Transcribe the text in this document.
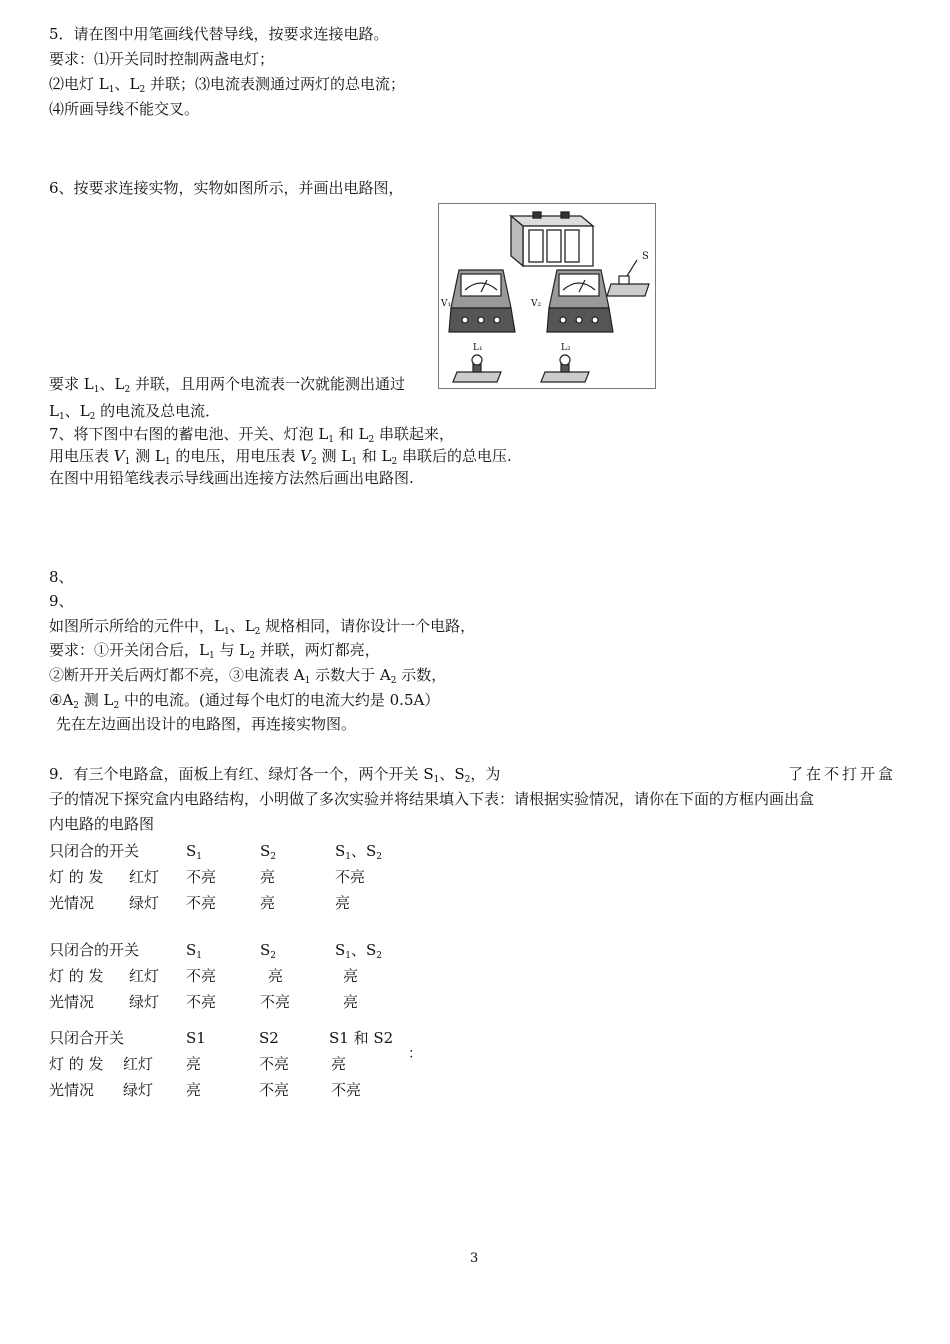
5．请在图中用笔画线代替导线，按要求连接电路。
要求：⑴开关同时控制两盏电灯；
⑵电灯 $L_1$、$L_2$ 并联；⑶电流表测通过两灯的总电流；
⑷所画导线不能交叉。
6、按要求连接实物，实物如图所示，并画出电路图，
S
V₁	V₂
L₁	L₂
要求 $L_1$、$L_2$ 并联，且用两个电流表一次就能测出通过
$L_1$、$L_2$ 的电流及总电流．
7、将下图中右图的蓄电池、开关、灯泡 $L_1$ 和 $L_2$ 串联起来，
用电压表 $V_1$ 测 $L_1$ 的电压，用电压表 $V_2$ 测 $L_1$ 和 $L_2$ 串联后的总电压.
在图中用铅笔线表示导线画出连接方法然后画出电路图.
8、
9、
如图所示所给的元件中，$L_1$、$L_2$ 规格相同，请你设计一个电路，
要求：①开关闭合后，$L_1$ 与 $L_2$ 并联，两灯都亮，
②断开开关后两灯都不亮，③电流表 $A_1$ 示数大于 $A_2$ 示数，
$④A_2$ 测 $L_2$ 中的电流。(通过每个电灯的电流大约是 0.5A）
先在左边画出设计的电路图，再连接实物图。
9．有三个电路盒，面板上有红、绿灯各一个，两个开关 $S_1$、$S_2$，为	了在不打开盒
子的情况下探究盒内电路结构，小明做了多次实验并将结果填入下表：请根据实验情况，请你在下面的方框内画出盒
内电路的电路图
只闭合的开关	$S_1$	$S_2$	$S_1$、$S_2$
灯 的 发 红灯 不亮	亮	不亮
光情况 绿灯 不亮	亮	亮
只闭合的开关	$S_1$	$S_2$	$S_1$、$S_2$
灯 的 发 红灯 不亮	亮	亮
光情况 绿灯 不亮	不亮	亮
只闭合开关	S1	S2	S1 和 S2
灯 的 发 红灯 亮	不亮	亮
光情况 绿灯 亮	不亮	不亮
：
3
